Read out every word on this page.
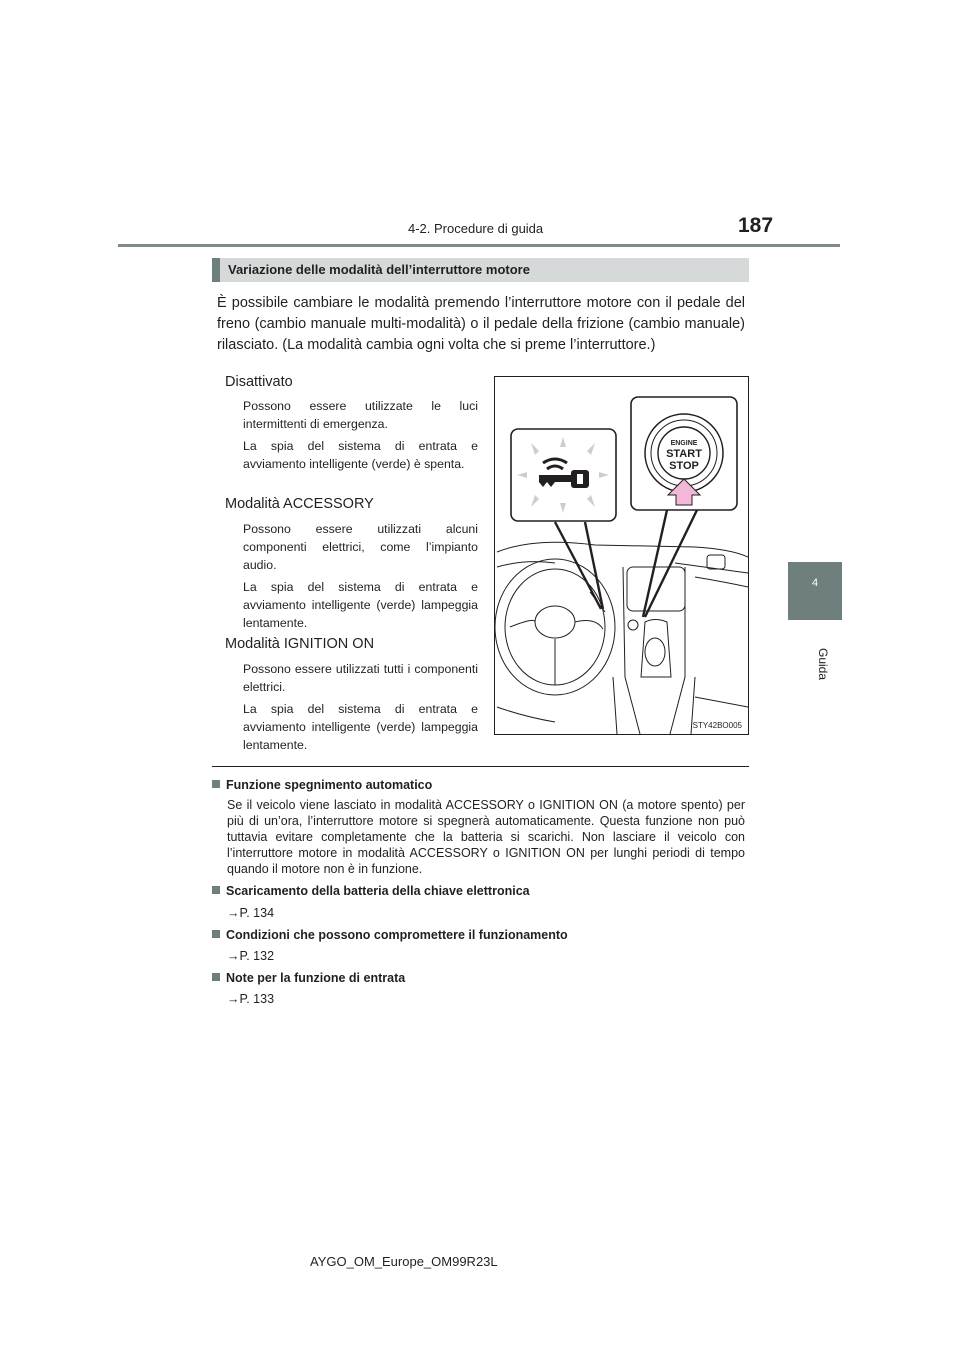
4-2. Procedure di guida	187
4
Guida
Variazione delle modalità dell’interruttore motore
È possibile cambiare le modalità premendo l’interruttore motore con il pedale del freno (cambio manuale multi-modalità) o il pedale della frizione (cambio manuale) rilasciato. (La modalità cambia ogni volta che si preme l’interruttore.)
Disattivato
Possono essere utilizzate le luci intermittenti di emergenza.
La spia del sistema di entrata e avviamento intelligente (verde) è spenta.
Modalità ACCESSORY
Possono essere utilizzati alcuni componenti elettrici, come l’impianto audio.
La spia del sistema di entrata e avviamento intelligente (verde) lampeggia lentamente.
Modalità IGNITION ON
Possono essere utilizzati tutti i componenti elettrici.
La spia del sistema di entrata e avviamento intelligente (verde) lampeggia lentamente.
ENGINE
START
STOP
STY42BO005
Funzione spegnimento automatico
Se il veicolo viene lasciato in modalità ACCESSORY o IGNITION ON (a motore spento) per più di un’ora, l’interruttore motore si spegnerà automaticamente. Questa funzione non può tuttavia evitare completamente che la batteria si scarichi. Non lasciare il veicolo con l’interruttore motore in modalità ACCESSORY o IGNITION ON per lunghi periodi di tempo quando il motore non è in funzione.
Scaricamento della batteria della chiave elettronica
→P. 134
Condizioni che possono compromettere il funzionamento
→P. 132
Note per la funzione di entrata
→P. 133
AYGO_OM_Europe_OM99R23L
